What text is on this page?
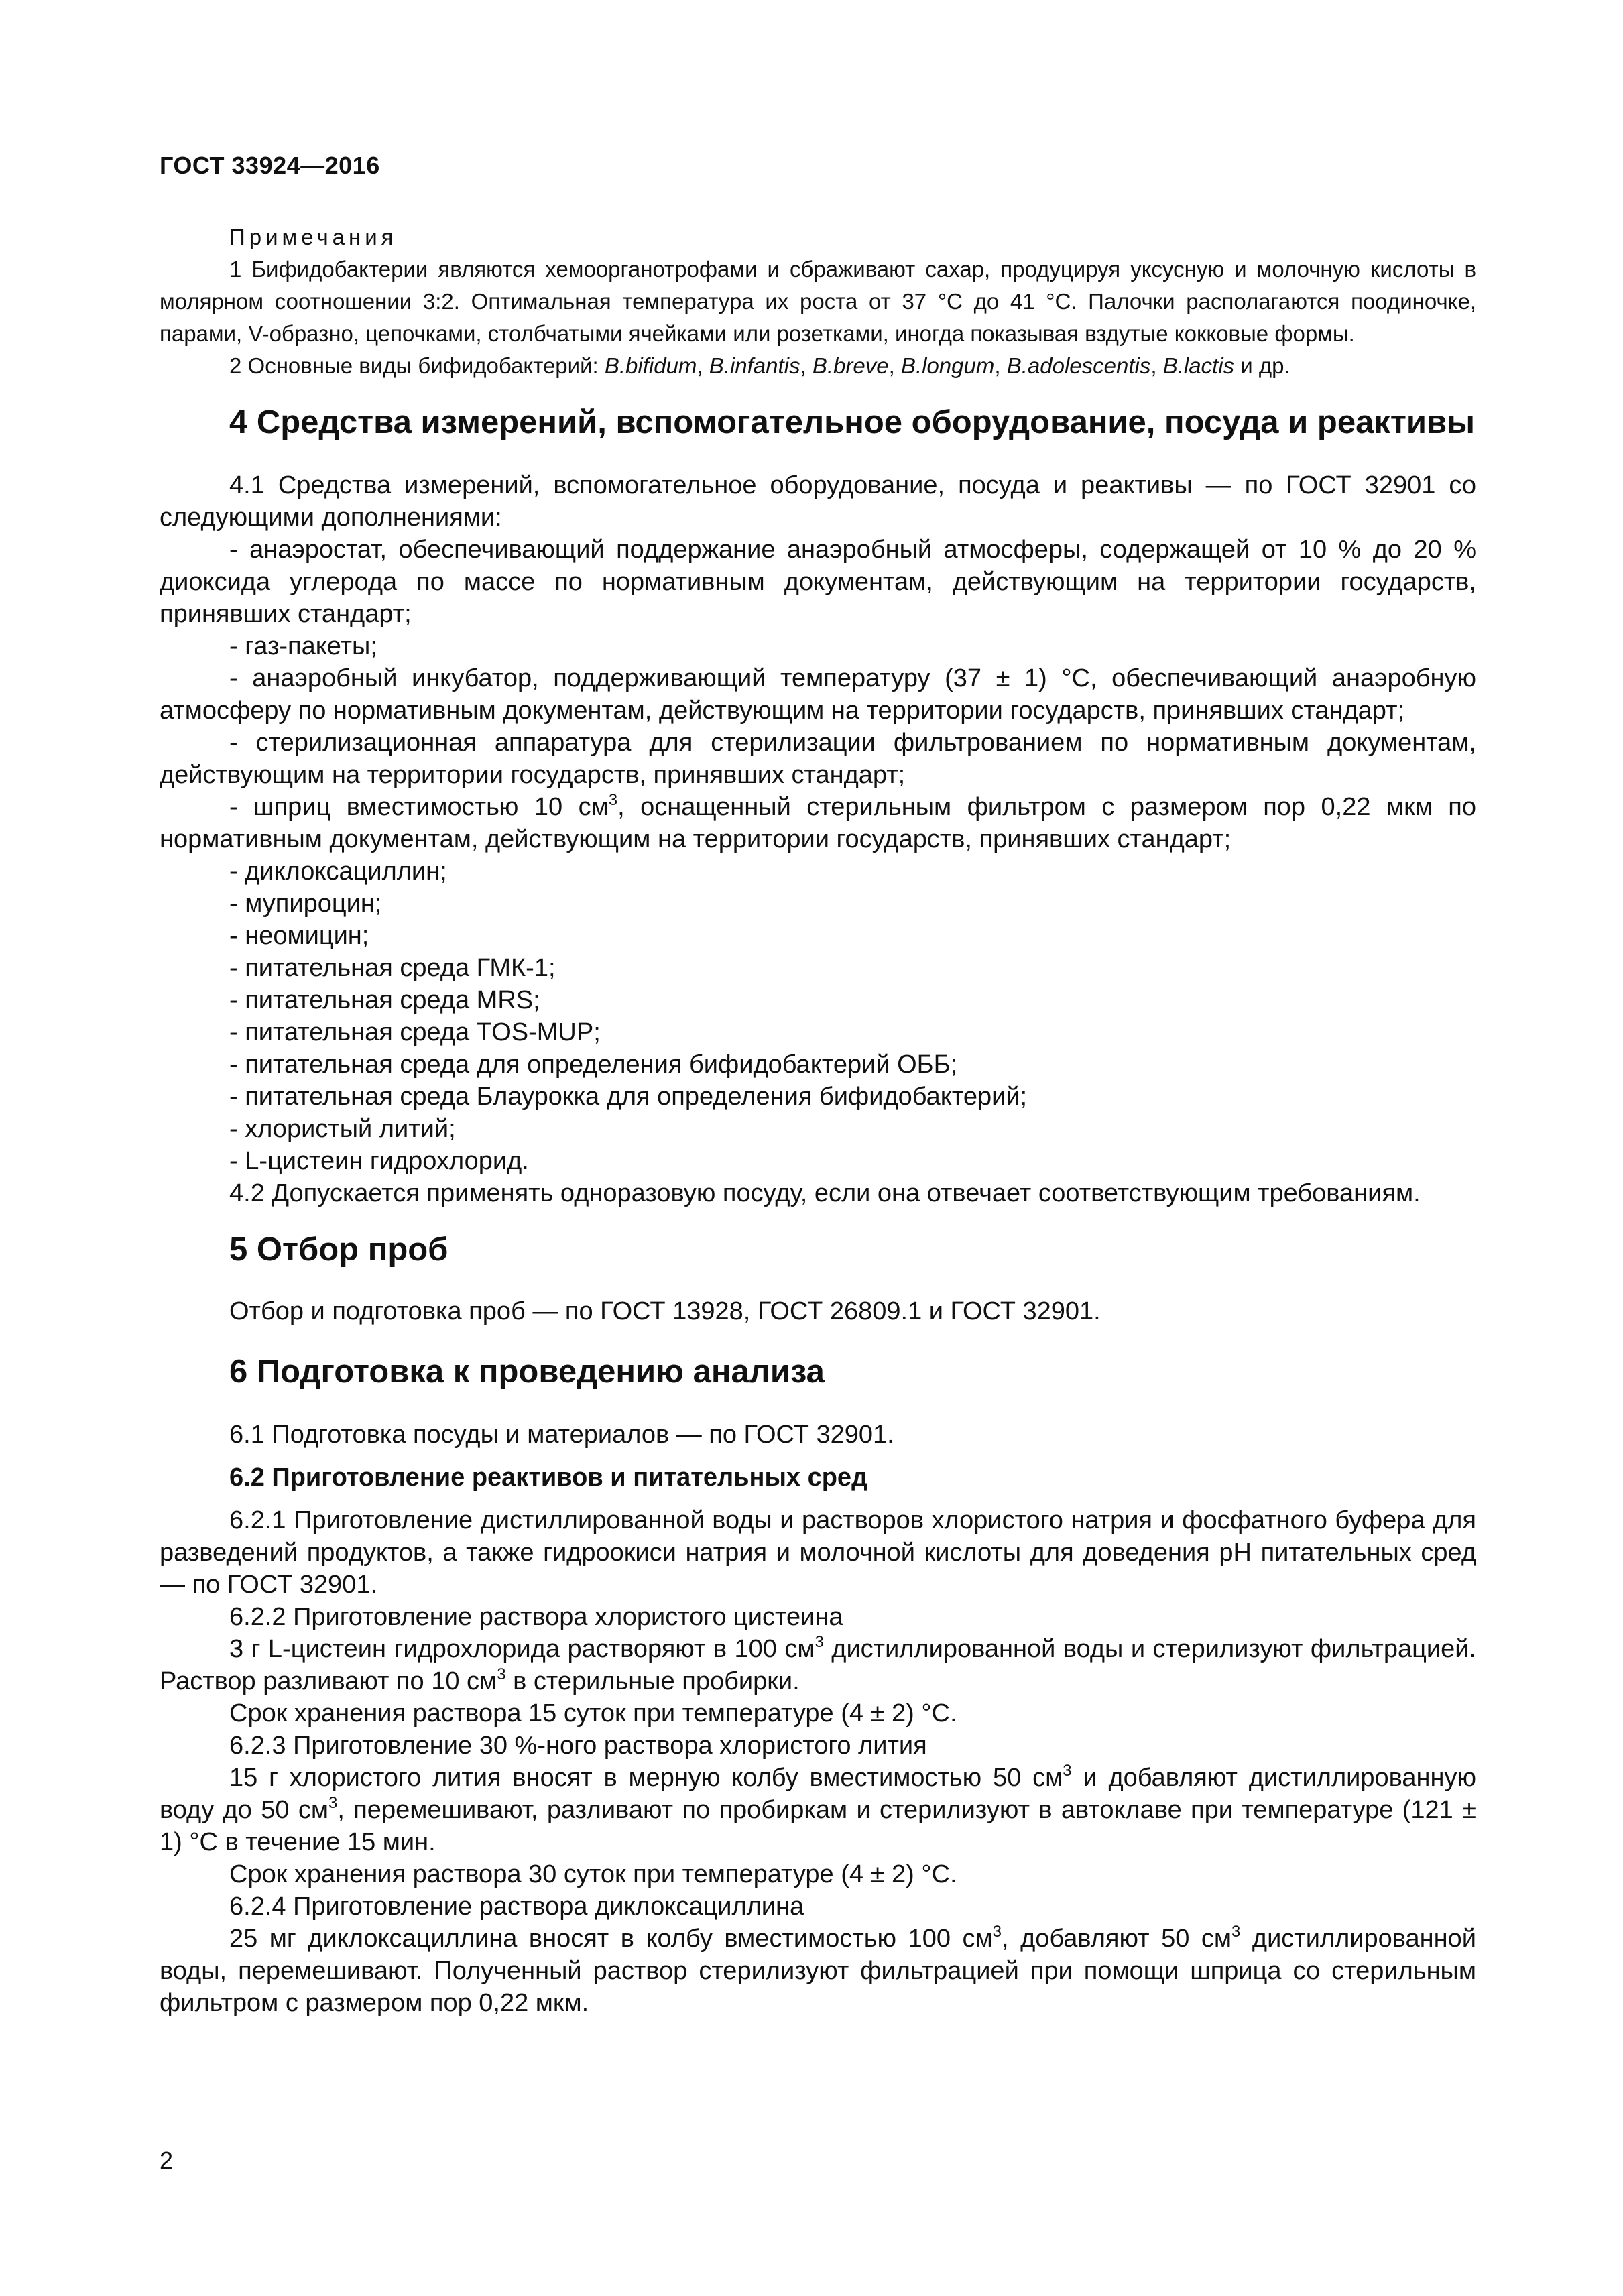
ГОСТ 33924—2016

Примечания

1 Бифидобактерии являются хемоорганотрофами и сбраживают сахар, продуцируя уксусную и молочную кислоты в молярном соотношении 3:2. Оптимальная температура их роста от 37 °С до 41 °С. Палочки располагаются поодиночке, парами, V-образно, цепочками, столбчатыми ячейками или розетками, иногда показывая вздутые кокковые формы.

2 Основные виды бифидобактерий: B.bifidum, B.infantis, B.breve, B.longum, B.adolescentis, B.lactis и др.

4 Средства измерений, вспомогательное оборудование, посуда и реактивы

4.1 Средства измерений, вспомогательное оборудование, посуда и реактивы — по ГОСТ 32901 со следующими дополнениями:

- анаэростат, обеспечивающий поддержание анаэробный атмосферы, содержащей от 10 % до 20 % диоксида углерода по массе по нормативным документам, действующим на территории государств, принявших стандарт;

- газ-пакеты;

- анаэробный инкубатор, поддерживающий температуру (37 ± 1) °С, обеспечивающий анаэробную атмосферу по нормативным документам, действующим на территории государств, принявших стандарт;

- стерилизационная аппаратура для стерилизации фильтрованием по нормативным документам, действующим на территории государств, принявших стандарт;

- шприц вместимостью 10 $см^3$, оснащенный стерильным фильтром с размером пор 0,22 мкм по нормативным документам, действующим на территории государств, принявших стандарт;

- диклоксациллин;

- мупироцин;

- неомицин;

- питательная среда ГМК-1;

- питательная среда MRS;

- питательная среда TOS-MUP;

- питательная среда для определения бифидобактерий ОББ;

- питательная среда Блаурокка для определения бифидобактерий;

- хлористый литий;

- L-цистеин гидрохлорид.

4.2 Допускается применять одноразовую посуду, если она отвечает соответствующим требованиям.

5 Отбор проб

Отбор и подготовка проб — по ГОСТ 13928, ГОСТ 26809.1 и ГОСТ 32901.

6 Подготовка к проведению анализа

6.1 Подготовка посуды и материалов — по ГОСТ 32901.

6.2 Приготовление реактивов и питательных сред

6.2.1 Приготовление дистиллированной воды и растворов хлористого натрия и фосфатного буфера для разведений продуктов, а также гидроокиси натрия и молочной кислоты для доведения рН питательных сред — по ГОСТ 32901.

6.2.2 Приготовление раствора хлористого цистеина

3 г L-цистеин гидрохлорида растворяют в 100 $см^3$ дистиллированной воды и стерилизуют фильтрацией. Раствор разливают по 10 $см^3$ в стерильные пробирки.

Срок хранения раствора 15 суток при температуре (4 ± 2) °С.

6.2.3 Приготовление 30 %-ного раствора хлористого лития

15 г хлористого лития вносят в мерную колбу вместимостью 50 $см^3$ и добавляют дистиллированную воду до 50 $см^3$, перемешивают, разливают по пробиркам и стерилизуют в автоклаве при температуре (121 ± 1) °С в течение 15 мин.

Срок хранения раствора 30 суток при температуре (4 ± 2) °С.

6.2.4 Приготовление раствора диклоксациллина

25 мг диклоксациллина вносят в колбу вместимостью 100 $см^3$, добавляют 50 $см^3$ дистиллированной воды, перемешивают. Полученный раствор стерилизуют фильтрацией при помощи шприца со стерильным фильтром с размером пор 0,22 мкм.

2
